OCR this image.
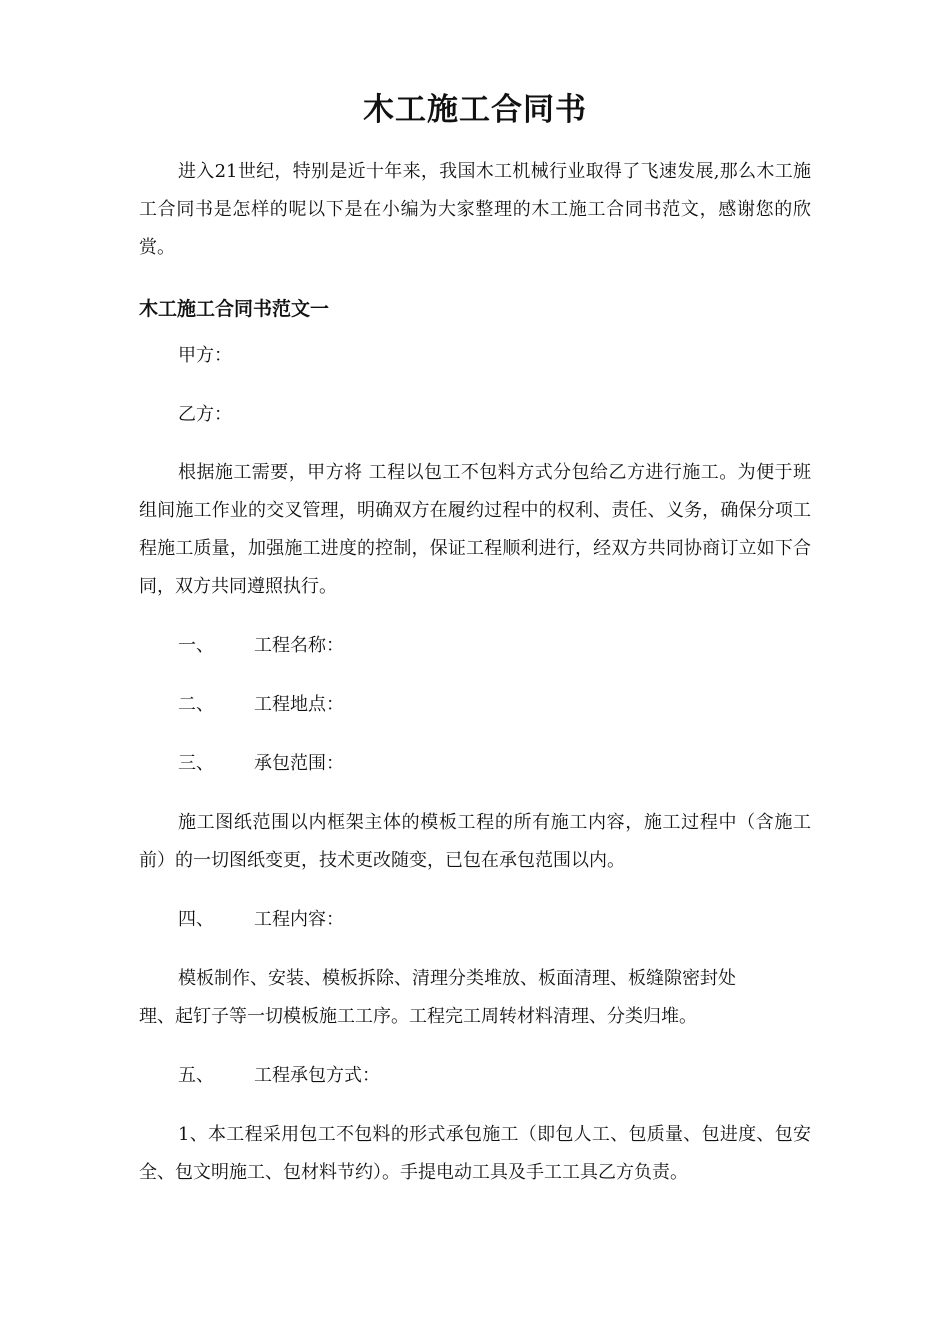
木工施工合同书

进入21世纪，特别是近十年来，我国木工机械行业取得了飞速发展,那么木工施工合同书是怎样的呢以下是在小编为大家整理的木工施工合同书范文，感谢您的欣赏。

木工施工合同书范文一
甲方：
乙方：

根据施工需要，甲方将 工程以包工不包料方式分包给乙方进行施工。为便于班组间施工作业的交叉管理，明确双方在履约过程中的权利、责任、义务，确保分项工程施工质量，加强施工进度的控制，保证工程顺利进行，经双方共同协商订立如下合同，双方共同遵照执行。

一、 工程名称：
二、 工程地点：
三、 承包范围：

施工图纸范围以内框架主体的模板工程的所有施工内容，施工过程中（含施工前）的一切图纸变更，技术更改随变，已包在承包范围以内。

四、 工程内容：
模板制作、安装、模板拆除、清理分类堆放、板面清理、板缝隙密封处
理、起钉子等一切模板施工工序。工程完工周转材料清理、分类归堆。
五、 工程承包方式：

1、本工程采用包工不包料的形式承包施工（即包人工、包质量、包进度、包安全、包文明施工、包材料节约）。手提电动工具及手工工具乙方负责。
